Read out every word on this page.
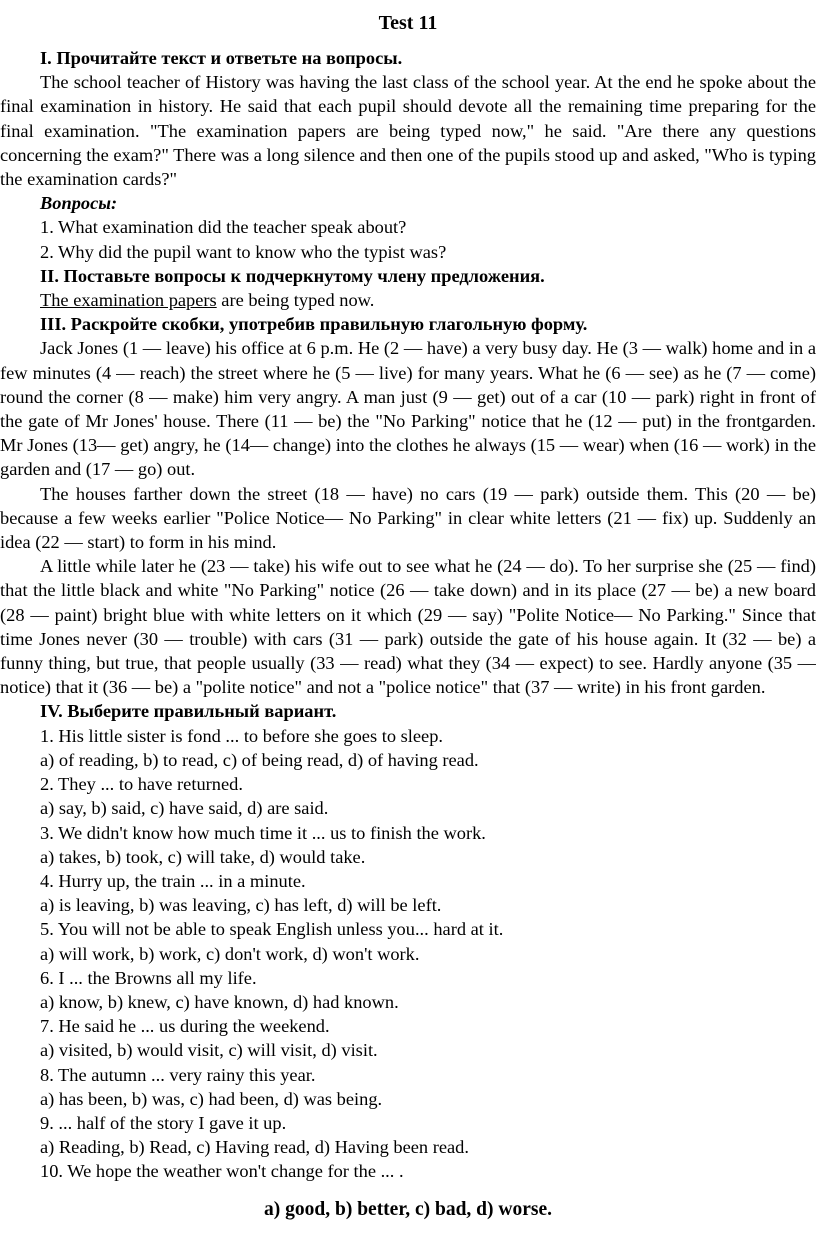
Test 11

I. Прочитайте текст и ответьте на вопросы.

The school teacher of History was having the last class of the school year. At the end he spoke about the final examination in history. He said that each pupil should devote all the remaining time preparing for the final examination. "The examination papers are being typed now," he said. "Are there any questions concerning the exam?" There was a long silence and then one of the pupils stood up and asked, "Who is typing the examination cards?"

Вопросы:

1. What examination did the teacher speak about?

2. Why did the pupil want to know who the typist was?

II. Поставьте вопросы к подчеркнутому члену предложения.

The examination papers are being typed now.

III. Раскройте скобки, употребив правильную глагольную форму.

Jack Jones (1 — leave) his office at 6 p.m. He (2 — have) a very busy day. He (3 — walk) home and in a few minutes (4 — reach) the street where he (5 — live) for many years. What he (6 — see) as he (7 — come) round the corner (8 — make) him very angry. A man just (9 — get) out of a car (10 — park) right in front of the gate of Mr Jones' house. There (11 — be) the "No Parking" notice that he (12 — put) in the frontgarden. Mr Jones (13— get) angry, he (14— change) into the clothes he always (15 — wear) when (16 — work) in the garden and (17 — go) out.

The houses farther down the street (18 — have) no cars (19 — park) outside them. This (20 — be) because a few weeks earlier "Police Notice— No Parking" in clear white letters (21 — fix) up. Suddenly an idea (22 — start) to form in his mind.

A little while later he (23 — take) his wife out to see what he (24 — do). To her surprise she (25 — find) that the little black and white "No Parking" notice (26 — take down) and in its place (27 — be) a new board (28 — paint) bright blue with white letters on it which (29 — say) "Polite Notice— No Parking." Since that time Jones never (30 — trouble) with cars (31 — park) outside the gate of his house again. It (32 — be) a funny thing, but true, that people usually (33 — read) what they (34 — expect) to see. Hardly anyone (35 — notice) that it (36 — be) a "polite notice" and not a "police notice" that (37 — write) in his front garden.

IV. Выберите правильный вариант.

1. His little sister is fond ... to before she goes to sleep.

a) of reading, b) to read, c) of being read, d) of having read.

2. They ... to have returned.

a) say, b) said, c) have said, d) are said.

3. We didn't know how much time it ... us to finish the work.

a) takes, b) took, c) will take, d) would take.

4. Hurry up, the train ... in a minute.

a) is leaving, b) was leaving, c) has left, d) will be left.

5. You will not be able to speak English unless you... hard at it.

a) will work, b) work, c) don't work, d) won't work.

6. I ... the Browns all my life.

a) know, b) knew, c) have known, d) had known.

7. He said he ... us during the weekend.

a) visited, b) would visit, c) will visit, d) visit.

8. The autumn ... very rainy this year.

a) has been, b) was, c) had been, d) was being.

9. ... half of the story I gave it up.

a) Reading, b) Read, c) Having read, d) Having been read.

10. We hope the weather won't change for the ... .

a) good, b) better, c) bad, d) worse.
